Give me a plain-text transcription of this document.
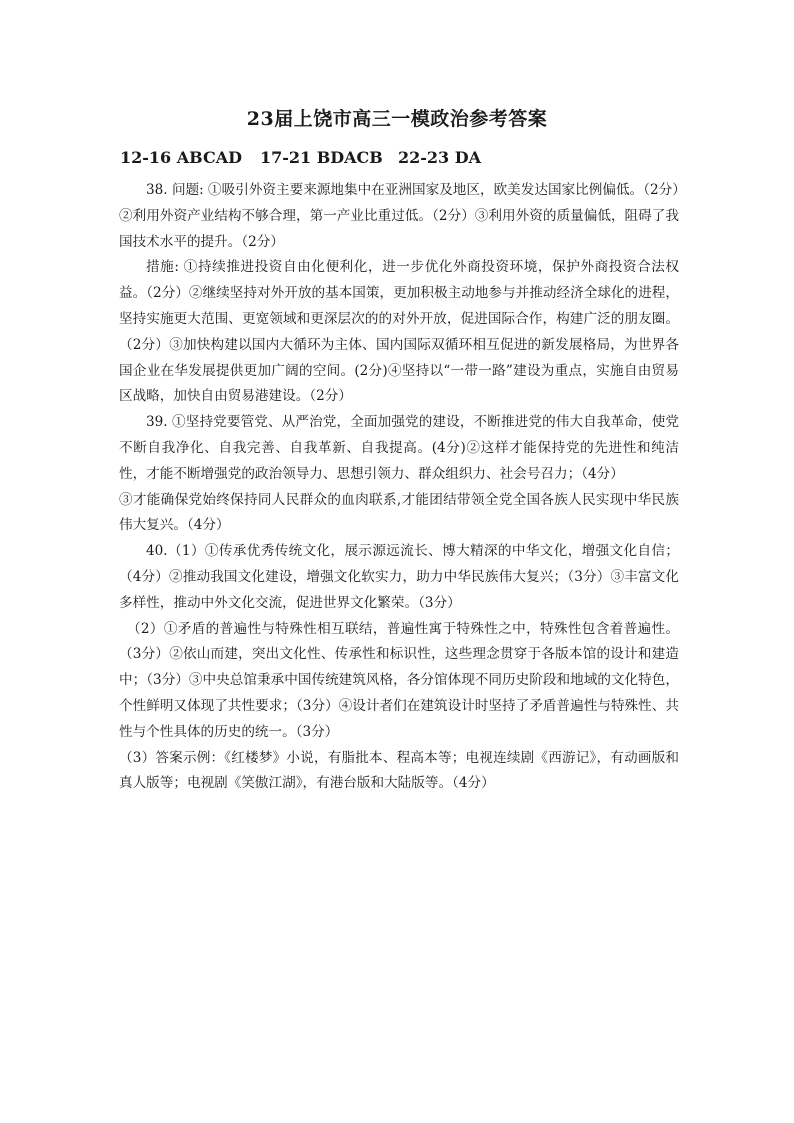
23届上饶市高三一模政治参考答案
12-16 ABCAD 17-21 BDACB 22-23 DA

38. 问题: ①吸引外资主要来源地集中在亚洲国家及地区，欧美发达国家比例偏低。（2分）②利用外资产业结构不够合理，第一产业比重过低。（2分）③利用外资的质量偏低，阻碍了我国技术水平的提升。（2分）

措施: ①持续推进投资自由化便利化，进一步优化外商投资环境，保护外商投资合法权益。（2分）②继续坚持对外开放的基本国策，更加积极主动地参与并推动经济全球化的进程，坚持实施更大范围、更宽领域和更深层次的的对外开放，促进国际合作，构建广泛的朋友圈。（2分）③加快构建以国内大循环为主体、国内国际双循环相互促进的新发展格局，为世界各国企业在华发展提供更加广阔的空间。(2分)④坚持以“一带一路”建设为重点，实施自由贸易区战略，加快自由贸易港建设。（2分）

39. ①坚持党要管党、从严治党，全面加强党的建设，不断推进党的伟大自我革命，使党不断自我净化、自我完善、自我革新、自我提高。(4分)②这样才能保持党的先进性和纯洁性，才能不断增强党的政治领导力、思想引领力、群众组织力、社会号召力；（4分）

③才能确保党始终保持同人民群众的血肉联系,才能团结带领全党全国各族人民实现中华民族伟大复兴。（4分）

40.（1）①传承优秀传统文化，展示源远流长、博大精深的中华文化，增强文化自信；（4分）②推动我国文化建设，增强文化软实力，助力中华民族伟大复兴；（3分）③丰富文化多样性，推动中外文化交流，促进世界文化繁荣。（3分）

（2）①矛盾的普遍性与特殊性相互联结，普遍性寓于特殊性之中，特殊性包含着普遍性。（3分）②依山而建，突出文化性、传承性和标识性，这些理念贯穿于各版本馆的设计和建造中；（3分）③中央总馆秉承中国传统建筑风格，各分馆体现不同历史阶段和地域的文化特色，个性鲜明又体现了共性要求；（3分）④设计者们在建筑设计时坚持了矛盾普遍性与特殊性、共性与个性具体的历史的统一。（3分）

（3）答案示例：《红楼梦》小说，有脂批本、程高本等；电视连续剧《西游记》，有动画版和真人版等；电视剧《笑傲江湖》，有港台版和大陆版等。（4分）
